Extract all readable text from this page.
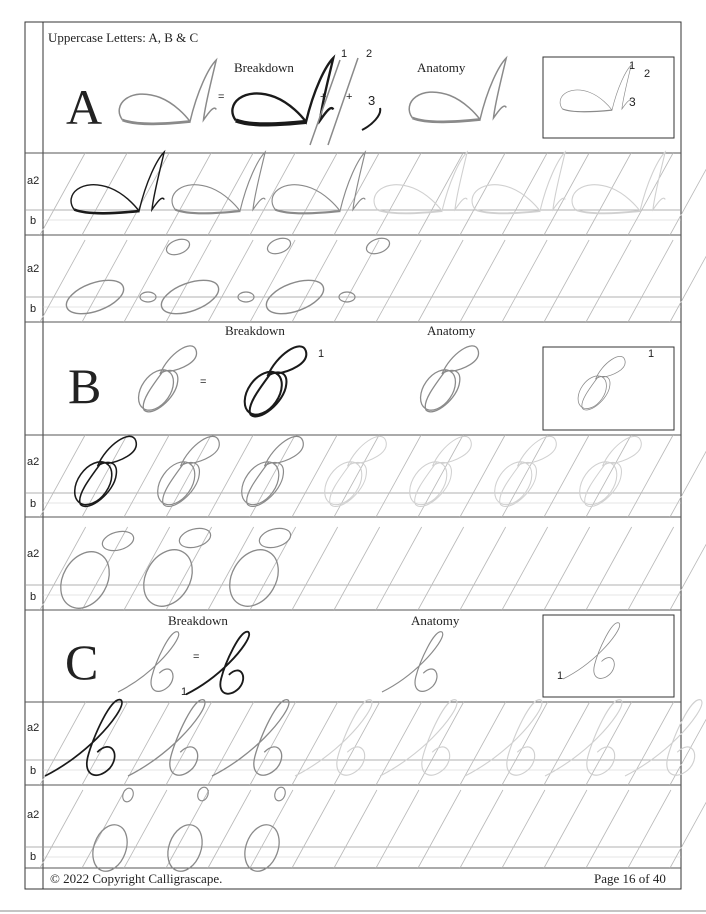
Uppercase Letters: A, B & C
A
Breakdown	Anatomy
=	+ +
1 2
3
1
2
3
B
Breakdown	Anatomy
=
1	1
C
Breakdown	Anatomy
=
1
1
a2
b
a2
b
a2
b
a2
b
a2
b
a2
b
© 2022 Copyright Calligrascape.	Page 16 of 40
